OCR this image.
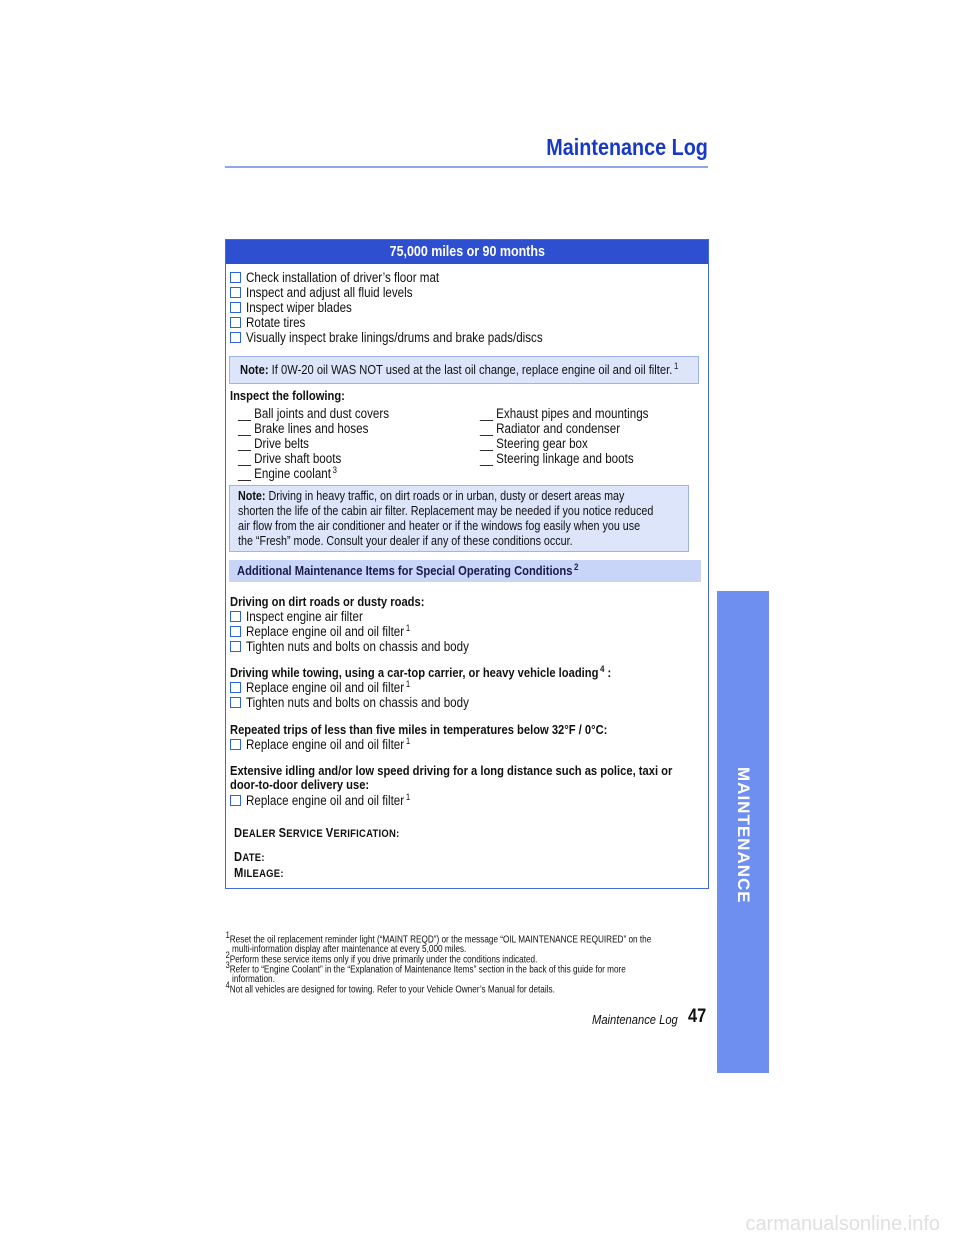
Maintenance Log
75,000 miles or 90 months
Check installation of driver’s floor mat
Inspect and adjust all fluid levels
Inspect wiper blades
Rotate tires
Visually inspect brake linings/drums and brake pads/discs
Note: If 0W-20 oil WAS NOT used at the last oil change, replace engine oil and oil filter. $^1$
Inspect the following:
__ Ball joints and dust covers
__ Brake lines and hoses
__ Drive belts
__ Drive shaft boots
__ Engine coolant $^3$
__ Exhaust pipes and mountings
__ Radiator and condenser
__ Steering gear box
__ Steering linkage and boots
Note: Driving in heavy traffic, on dirt roads or in urban, dusty or desert areas may
shorten the life of the cabin air filter. Replacement may be needed if you notice reduced
air flow from the air conditioner and heater or if the windows fog easily when you use
the “Fresh” mode. Consult your dealer if any of these conditions occur.
Additional Maintenance Items for Special Operating Conditions $^2$
Driving on dirt roads or dusty roads:
Inspect engine air filter
Replace engine oil and oil filter $^1$
Tighten nuts and bolts on chassis and body
Driving while towing, using a car-top carrier, or heavy vehicle loading $^4$ :
Replace engine oil and oil filter $^1$
Tighten nuts and bolts on chassis and body
Repeated trips of less than five miles in temperatures below 32°F / 0°C:
Replace engine oil and oil filter $^1$
Extensive idling and/or low speed driving for a long distance such as police, taxi or
door-to-door delivery use:
Replace engine oil and oil filter $^1$
DEALER SERVICE VERIFICATION:
DATE:
MILEAGE:
$^1$Reset the oil replacement reminder light (“MAINT REQD”) or the message “OIL MAINTENANCE REQUIRED” on the
multi-information display after maintenance at every 5,000 miles.
$^2$Perform these service items only if you drive primarily under the conditions indicated.
$^3$Refer to “Engine Coolant” in the “Explanation of Maintenance Items” section in the back of this guide for more
information.
$^4$Not all vehicles are designed for towing. Refer to your Vehicle Owner’s Manual for details.
Maintenance Log 47
MAINTENANCE
carmanualsonline.info
